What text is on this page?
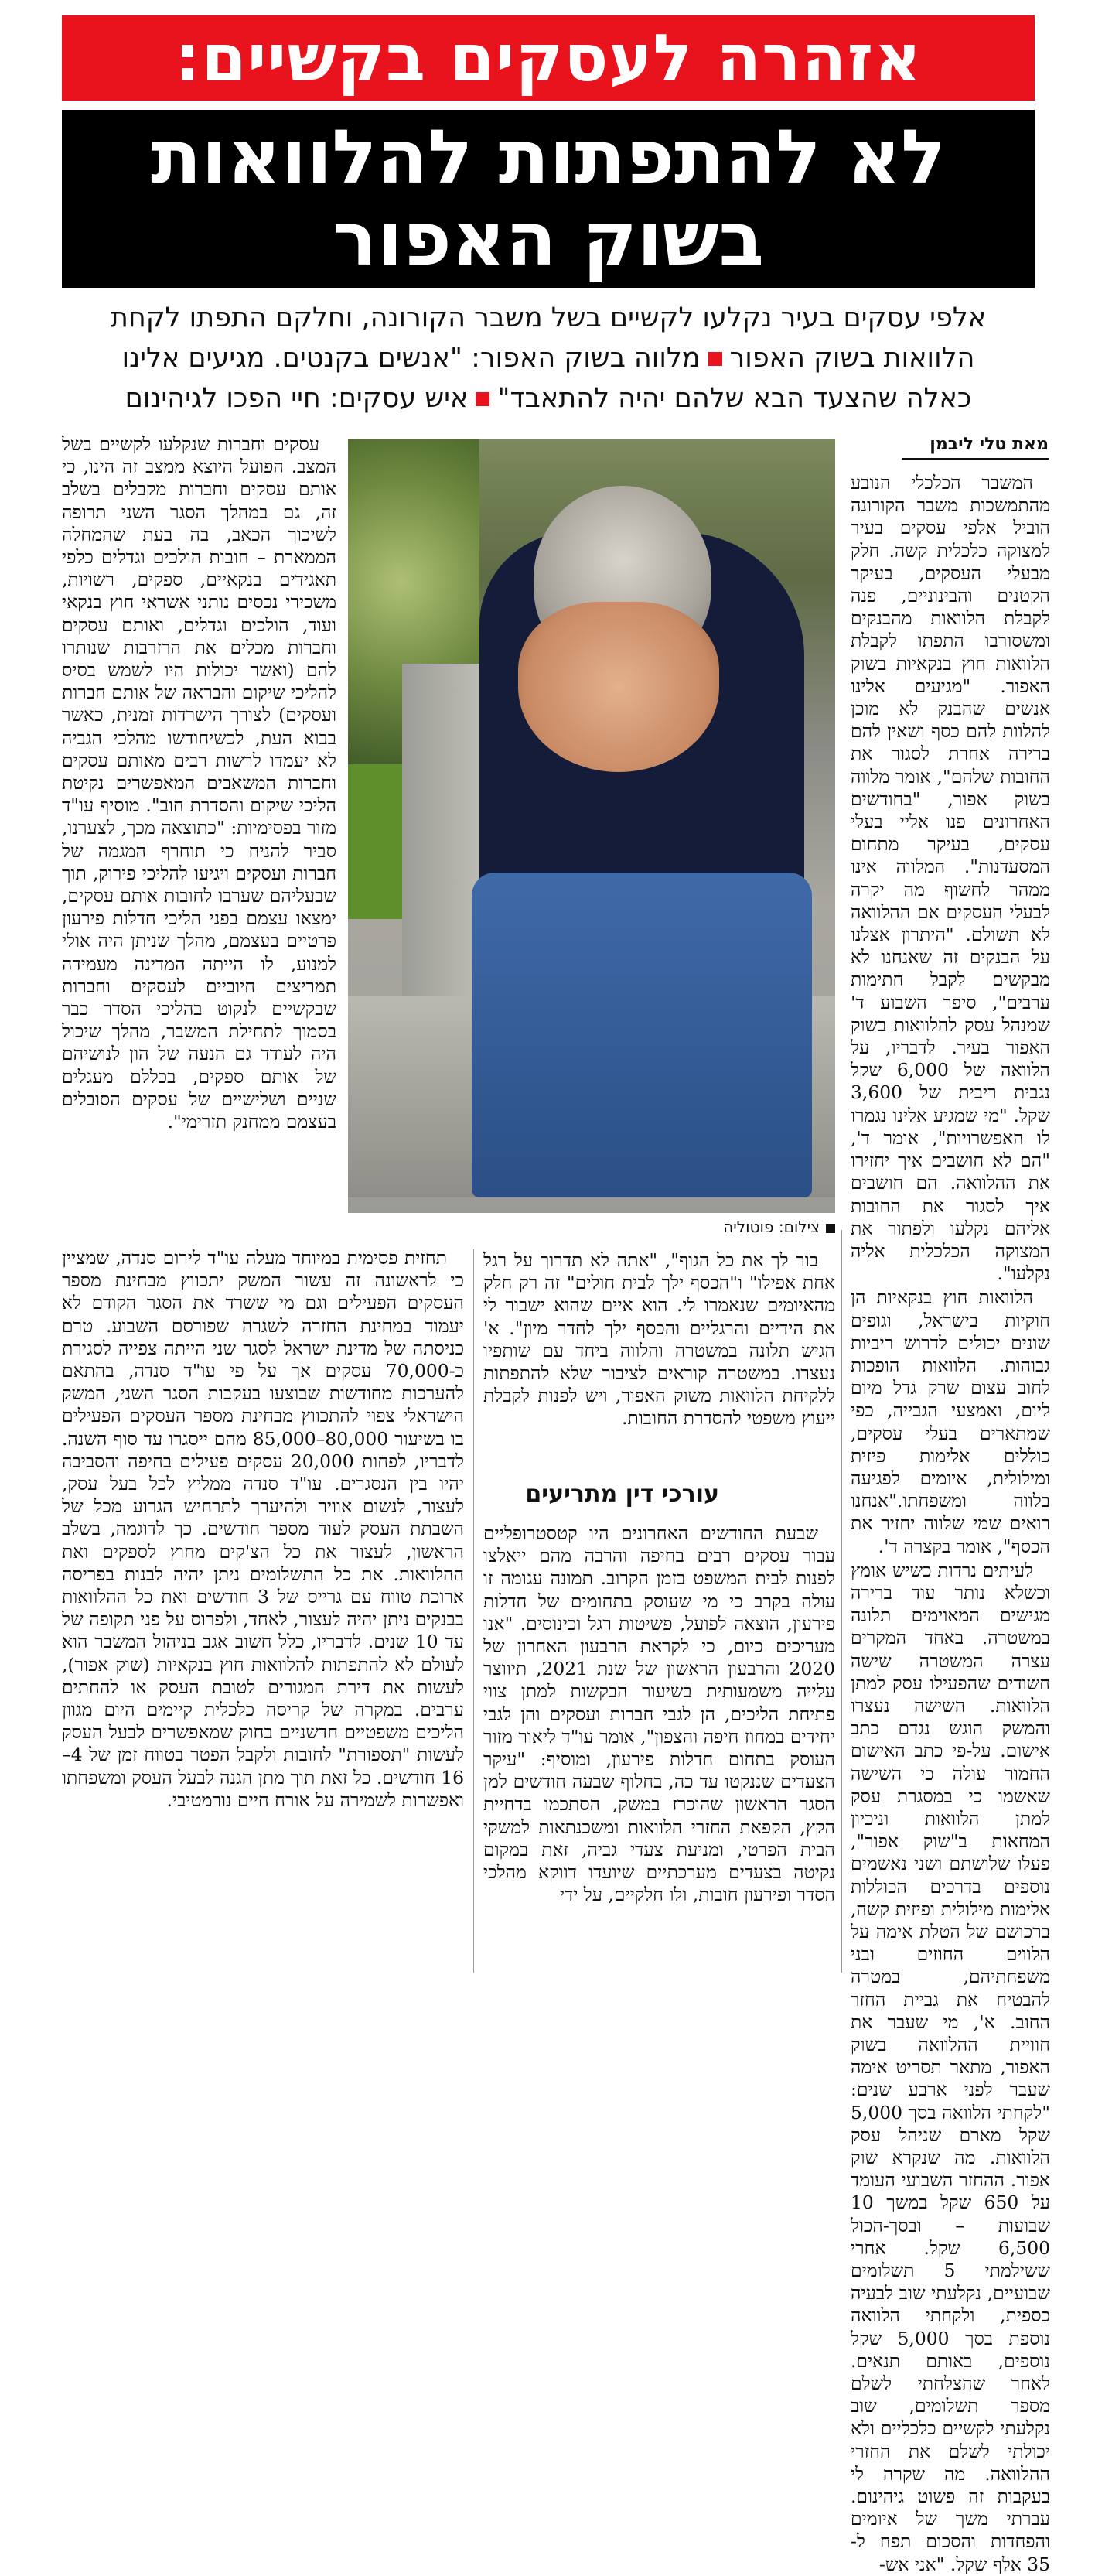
אזהרה לעסקים בקשיים:
לא להתפתות להלוואות
בשוק האפור
אלפי עסקים בעיר נקלעו לקשיים בשל משבר הקורונה, וחלקם התפתו לקחת
הלוואות בשוק האפורמלווה בשוק האפור: "אנשים בקנטים. מגיעים אלינו
כאלה שהצעד הבא שלהם יהיה להתאבד"איש עסקים: חיי הפכו לגיהינום
מאת טלי ליבמן

המשבר הכלכלי הנובע מהתמשכות משבר הקורונה הוביל אלפי עסקים בעיר למצוקה כלכלית קשה. חלק מבעלי העסקים, בעיקר הקטנים והבינוניים, פנה לקבלת הלוואות מהבנקים ומשסורבו התפתו לקבלת הלוואות חוץ בנקאיות בשוק האפור. "מגיעים אלינו אנשים שהבנק לא מוכן להלוות להם כסף ושאין להם ברירה אחרת לסגור את החובות שלהם", אומר מלווה בשוק אפור, "בחודשים האחרונים פנו אליי בעלי עסקים, בעיקר מתחום המסעדנות". המלווה אינו ממהר לחשוף מה יקרה לבעלי העסקים אם ההלוואה לא תשולם. "היתרון אצלנו על הבנקים זה שאנחנו לא מבקשים לקבל חתימות ערבים", סיפר השבוע ד' שמנהל עסק להלוואות בשוק האפור בעיר. לדבריו, על הלוואה של 6,000 שקל נגבית ריבית של 3,600 שקל. "מי שמגיע אלינו נגמרו לו האפשרויות", אומר ד', "הם לא חושבים איך יחזירו את ההלוואה. הם חושבים איך לסגור את החובות אליהם נקלעו ולפתור את המצוקה הכלכלית אליה נקלעו".

הלוואות חוץ בנקאיות הן חוקיות בישראל, וגופים שונים יכולים לדרוש ריביות גבוהות. הלוואות הופכות לחוב עצום שרק גדל מיום ליום, ואמצעי הגבייה, כפי שמתארים בעלי עסקים, כוללים אלימות פיזית ומילולית, איומים לפגיעה בלווה ומשפחתו."אנחנו רואים שמי שלווה יחזיר את הכסף", אומר בקצרה ד'.

לעיתים נרדות כשיש אומץ וכשלא נותר עוד ברירה מגישים המאוימים תלונה במשטרה. באחד המקרים עצרה המשטרה שישה חשודים שהפעילו עסק למתן הלוואות. השישה נעצרו והמשק הוגש נגדם כתב אישום. על-פי כתב האישום החמור עולה כי השישה שאשמו כי במסגרת עסק למתן הלוואות וניכיון המחאות ב"שוק אפור", פעלו שלושתם ושני נאשמים נוספים בדרכים הכוללות אלימות מילולית ופיזית קשה, ברכושם של הטלת אימה על הלווים החוזים ובני משפחתיהם, במטרה להבטיח את גביית החזר החוב. א', מי שעבר את חוויית ההלוואה בשוק האפור, מתאר תסריט אימה שעבר לפני ארבע שנים: "לקחתי הלוואה בסך 5,000 שקל מארם שניהל עסק הלוואות. מה שנקרא שוק אפור. ההחזר השבועי העומד על 650 שקל במשך 10 שבועות – ובסך-הכול 6,500 שקל. אחרי ששילמתי 5 תשלומים שבועיים, נקלעתי שוב לבעיה כספית, ולקחתי הלוואה נוספת בסך 5,000 שקל נוספים, באותם תנאים. לאחר שהצלחתי לשלם מספר תשלומים, שוב נקלעתי לקשיים כלכליים ולא יכולתי לשלם את החזרי ההלוואה. מה שקרה לי בעקבות זה פשוט גיהינום. עברתי משך של איומים והפחדות והסכום תפח ל- 35 אלף שקל. "אני אש-

צילום: פוטוליה

בור לך את כל הגוף", "אתה לא תדרוך על רגל אחת אפילו" ו"הכסף ילך לבית חולים" זה רק חלק מהאיומים שנאמרו לי. הוא איים שהוא ישבור לי את הידיים והרגליים והכסף ילך לחדר מיון". א' הגיש תלונה במשטרה והלווה ביחד עם שותפיו נעצרו. במשטרה קוראים לציבור שלא להתפתות ללקיחת הלוואות משוק האפור, ויש לפנות לקבלת ייעוץ משפטי להסדרת החובות.

עורכי דין מתריעים

שבעת החודשים האחרונים היו קטסטרופליים עבור עסקים רבים בחיפה והרבה מהם ייאלצו לפנות לבית המשפט בזמן הקרוב. תמונה עגומה זו עולה בקרב כי מי שעוסק בתחומים של חדלות פירעון, הוצאה לפועל, פשיטות רגל וכינוסים. "אנו מעריכים כיום, כי לקראת הרבעון האחרון של 2020 והרבעון הראשון של שנת 2021, תיווצר עלייה משמעותית בשיעור הבקשות למתן צווי פתיחת הליכים, הן לגבי חברות ועסקים והן לגבי יחידים במחוז חיפה והצפון", אומר עו"ד ליאור מזור העוסק בתחום חדלות פירעון, ומוסיף: "עיקר הצעדים שננקטו עד כה, בחלוף שבעה חודשים למן הסגר הראשון שהוכרז במשק, הסתכמו בדחיית הקץ, הקפאת החזרי הלוואות ומשכנתאות למשקי הבית הפרטי, ומניעת צעדי גביה, זאת במקום נקיטה בצעדים מערכתיים שיועדו דווקא מהלכי הסדר ופירעון חובות, ולו חלקיים, על ידי

עסקים וחברות שנקלעו לקשיים בשל המצב. הפועל היוצא ממצב זה הינו, כי אותם עסקים וחברות מקבלים בשלב זה, גם במהלך הסגר השני תרופה לשיכוך הכאב, בה בעת שהמחלה הממארת – חובות הולכים וגדלים כלפי תאגידים בנקאיים, ספקים, רשויות, משכירי נכסים נותני אשראי חוץ בנקאי ועוד, הולכים וגדלים, ואותם עסקים וחברות מכלים את הרזרבות שנותרו להם (ואשר יכולות היו לשמש בסיס להליכי שיקום והבראה של אותם חברות ועסקים) לצורך הישרדות זמנית, כאשר בבוא העת, לכשיחודשו מהלכי הגביה לא יעמדו לרשות רבים מאותם עסקים וחברות המשאבים המאפשרים נקיטת הליכי שיקום והסדרת חוב". מוסיף עו"ד מזור בפסימיות: "כתוצאה מכך, לצערנו, סביר להניח כי תוחרף המגמה של חברות ועסקים ויגיעו להליכי פירוק, תוך שבעליהם שערבו לחובות אותם עסקים, ימצאו עצמם בפני הליכי חדלות פירעון פרטיים בעצמם, מהלך שניתן היה אולי למנוע, לו הייתה המדינה מעמידה תמריצים חיוביים לעסקים וחברות שבקשיים לנקוט בהליכי הסדר כבר בסמוך לתחילת המשבר, מהלך שיכול היה לעודד גם הנעה של הון לנושיהם של אותם ספקים, בכללם מעגלים שניים ושלישיים של עסקים הסובלים בעצמם ממחנק תזרימי".

תחזית פסימית במיוחד מעלה עו"ד לירום סנדה, שמציין כי לראשונה זה עשור המשק יתכווץ מבחינת מספר העסקים הפעילים וגם מי ששרד את הסגר הקודם לא יעמוד במחינת החזרה לשגרה שפורסם השבוע. טרם כניסתה של מדינת ישראל לסגר שני הייתה צפייה לסגירת כ-70,000 עסקים אך על פי עו"ד סנדה, בהתאם להערכות מחודשות שבוצעו בעקבות הסגר השני, המשק הישראלי צפוי להתכווץ מבחינת מספר העסקים הפעילים בו בשיעור 80,000–85,000 מהם ייסגרו עד סוף השנה. לדבריו, לפחות 20,000 עסקים פעילים בחיפה והסביבה יהיו בין הנסגרים. עו"ד סנדה ממליץ לכל בעל עסק, לעצור, לנשום אוויר ולהיערך לתרחיש הגרוע מכל של השבתת העסק לעוד מספר חודשים. כך לדוגמה, בשלב הראשון, לעצור את כל הצ'קים מחוץ לספקים ואת ההלוואות. את כל התשלומים ניתן יהיה לבנות בפריסה ארוכת טווח עם גרייס של 3 חודשים ואת כל ההלוואות בבנקים ניתן יהיה לעצור, לאחד, ולפרוס על פני תקופה של עד 10 שנים. לדבריו, כלל חשוב אגב בניהול המשבר הוא לעולם לא להתפתות להלוואות חוץ בנקאיות (שוק אפור), לעשות את דירת המגורים לטובת העסק או להחתים ערבים. במקרה של קריסה כלכלית קיימים היום מגוון הליכים משפטיים חדשניים בחוק שמאפשרים לבעל העסק לעשות "תספורת" לחובות ולקבל הפטר בטווח זמן של 4–16 חודשים. כל זאת תוך מתן הגנה לבעל העסק ומשפחתו ואפשרות לשמירה על אורח חיים נורמטיבי.
